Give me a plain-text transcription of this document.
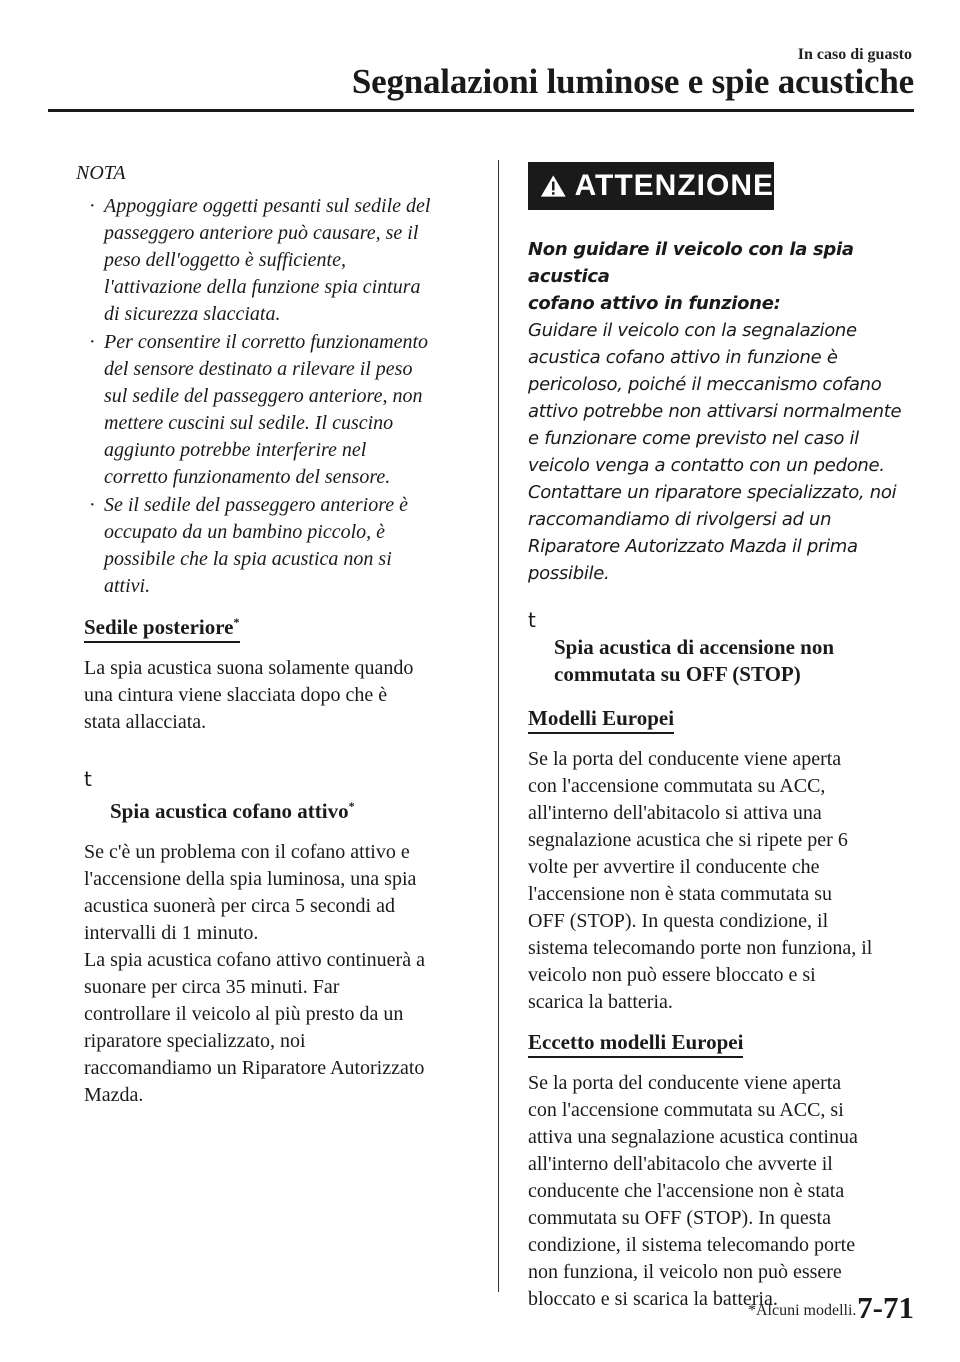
In caso di guasto
Segnalazioni luminose e spie acustiche
NOTA
· Appoggiare oggetti pesanti sul sedile del
passeggero anteriore può causare, se il
peso dell'oggetto è sufficiente,
l'attivazione della funzione spia cintura
di sicurezza slacciata.
· Per consentire il corretto funzionamento
del sensore destinato a rilevare il peso
sul sedile del passeggero anteriore, non
mettere cuscini sul sedile. Il cuscino
aggiunto potrebbe interferire nel
corretto funzionamento del sensore.
· Se il sedile del passeggero anteriore è
occupato da un bambino piccolo, è
possibile che la spia acustica non si
attivi.
Sedile posteriore*

La spia acustica suona solamente quando
una cintura viene slacciata dopo che è
stata allacciata.

t
Spia acustica cofano attivo*

Se c'è un problema con il cofano attivo e
l'accensione della spia luminosa, una spia
acustica suonerà per circa 5 secondi ad
intervalli di 1 minuto.
La spia acustica cofano attivo continuerà a
suonare per circa 35 minuti. Far
controllare il veicolo al più presto da un
riparatore specializzato, noi
raccomandiamo un Riparatore Autorizzato
Mazda.

ATTENZIONE
Non guidare il veicolo con la spia acustica
cofano attivo in funzione:
Guidare il veicolo con la segnalazione
acustica cofano attivo in funzione è
pericoloso, poiché il meccanismo cofano
attivo potrebbe non attivarsi normalmente
e funzionare come previsto nel caso il
veicolo venga a contatto con un pedone.
Contattare un riparatore specializzato, noi
raccomandiamo di rivolgersi ad un
Riparatore Autorizzato Mazda il prima
possibile.

t
Spia acustica di accensione non
commutata su OFF (STOP)

Modelli Europei

Se la porta del conducente viene aperta
con l'accensione commutata su ACC,
all'interno dell'abitacolo si attiva una
segnalazione acustica che si ripete per 6
volte per avvertire il conducente che
l'accensione non è stata commutata su
OFF (STOP). In questa condizione, il
sistema telecomando porte non funziona, il
veicolo non può essere bloccato e si
scarica la batteria.

Eccetto modelli Europei

Se la porta del conducente viene aperta
con l'accensione commutata su ACC, si
attiva una segnalazione acustica continua
all'interno dell'abitacolo che avverte il
conducente che l'accensione non è stata
commutata su OFF (STOP). In questa
condizione, il sistema telecomando porte
non funziona, il veicolo non può essere
bloccato e si scarica la batteria.

*Alcuni modelli. 7-71
